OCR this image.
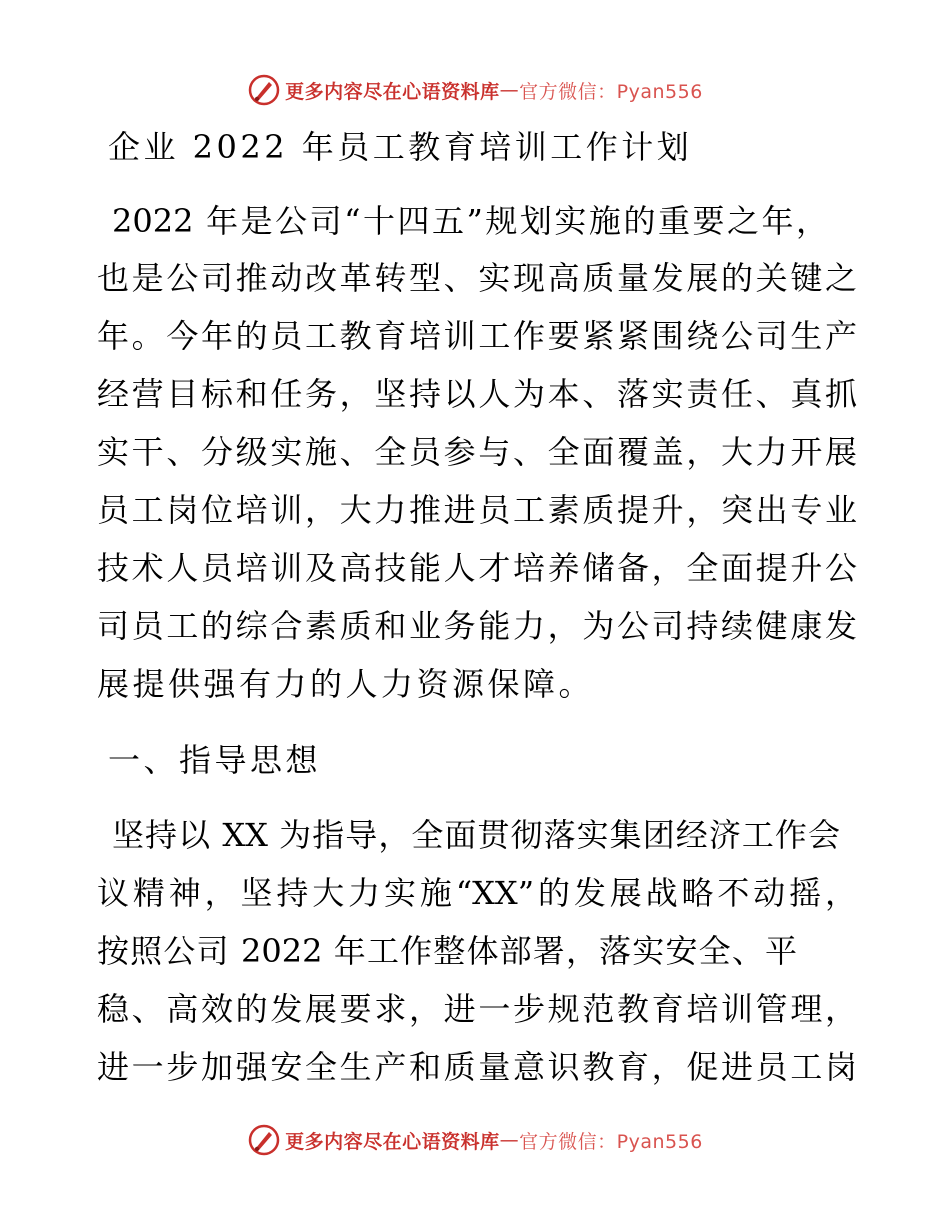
更多内容尽在心语资料库 — 官方微信：Pyan556
企业 2022 年员工教育培训工作计划
2022 年是公司“十四五”规划实施的重要之年，
也是公司推动改革转型、实现高质量发展的关键之
年。今年的员工教育培训工作要紧紧围绕公司生产
经营目标和任务，坚持以人为本、落实责任、真抓
实干、分级实施、全员参与、全面覆盖，大力开展
员工岗位培训，大力推进员工素质提升，突出专业
技术人员培训及高技能人才培养储备，全面提升公
司员工的综合素质和业务能力，为公司持续健康发
展提供强有力的人力资源保障。
一、指导思想
坚持以 XX 为指导，全面贯彻落实集团经济工作会
议精神，坚持大力实施“XX”的发展战略不动摇，
按照公司 2022 年工作整体部署，落实安全、平
稳、高效的发展要求，进一步规范教育培训管理，
进一步加强安全生产和质量意识教育，促进员工岗
更多内容尽在心语资料库 — 官方微信：Pyan556
